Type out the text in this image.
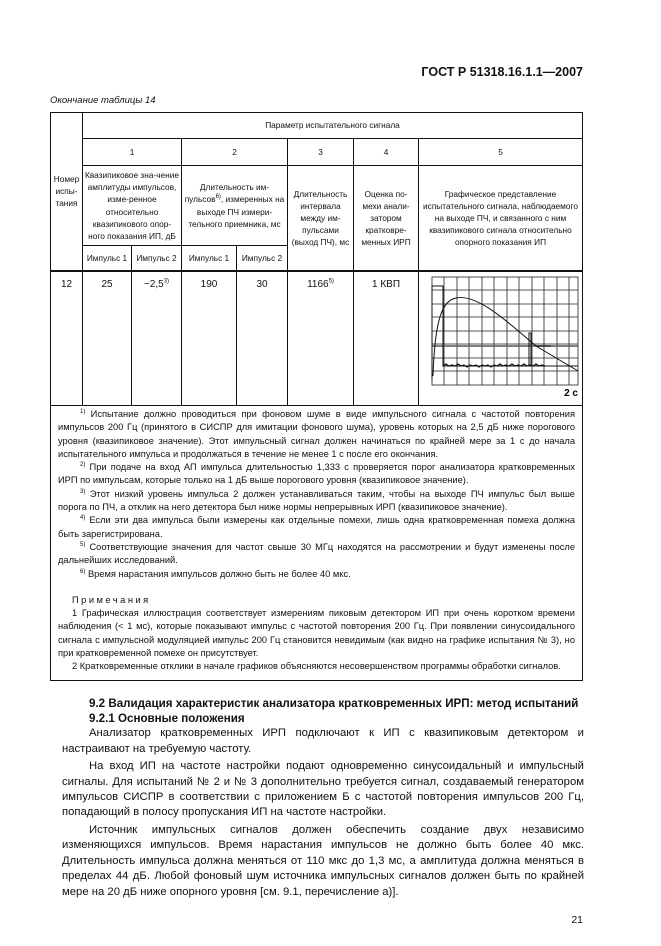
ГОСТ Р 51318.16.1.1—2007
Окончание таблицы 14
Номер испы-тания	Параметр испытательного сигнала						
	1		2		3	4	5
	Квазипиковое зна-чение амплитуды импульсов, изме-ренное относительно квазипикового опор-ного показания ИП, дБ		Длительность им-пульсов$^{6)}$, измеренных на выходе ПЧ измери-тельного приемника, мс		Длительность интервала между им-пульсами (выход ПЧ), мс	Оценка по-мехи анали-затором кратковре-менных ИРП	Графическое представление испытательного сигнала, наблюдаемого на выходе ПЧ, и связанного с ним квазипикового сигнала относительно опорного показания ИП
	Импульс 1	Импульс 2	Импульс 1	Импульс 2			
12	25	$-2,5^{3)}$	190	30	1166$^{5)}$	1 КВП	2 с

$^{1)}$ Испытание должно проводиться при фоновом шуме в виде импульсного сигнала с частотой повторения импульсов 200 Гц (принятого в СИСПР для имитации фонового шума), уровень которых на 2,5 дБ ниже порогового уровня (квазипиковое значение). Этот импульсный сигнал должен начинаться по крайней мере за 1 с до начала испытательного импульса и продолжаться в течение не менее 1 с после его окончания.

$^{2)}$ При подаче на вход АП импульса длительностью 1,333 с проверяется порог анализатора кратковременных ИРП по импульсам, которые только на 1 дБ выше порогового уровня (квазипиковое значение).

$^{3)}$ Этот низкий уровень импульса 2 должен устанавливаться таким, чтобы на выходе ПЧ импульс был выше порога по ПЧ, а отклик на него детектора был ниже нормы непрерывных ИРП (квазипиковое значение).

$^{4)}$ Если эти два импульса были измерены как отдельные помехи, лишь одна кратковременная помеха должна быть зарегистрирована.

$^{5)}$ Соответствующие значения для частот свыше 30 МГц находятся на рассмотрении и будут изменены после дальнейших исследований.

$^{6)}$ Время нарастания импульсов должно быть не более 40 мкс.

Примечания

1 Графическая иллюстрация соответствует измерениям пиковым детектором ИП при очень коротком времени наблюдения (< 1 мс), которые показывают импульс с частотой повторения 200 Гц. При появлении синусоидального сигнала с импульсной модуляцией импульс 200 Гц становится невидимым (как видно на графике испытания № 3), но при кратковременной помехе он присутствует.

2 Кратковременные отклики в начале графиков объясняются несовершенством программы обработки сигналов.

9.2 Валидация характеристик анализатора кратковременных ИРП: метод испытаний
9.2.1 Основные положения

Анализатор кратковременных ИРП подключают к ИП с квазипиковым детектором и настраивают на требуемую частоту.

На вход ИП на частоте настройки подают одновременно синусоидальный и импульсный сигналы. Для испытаний № 2 и № 3 дополнительно требуется сигнал, создаваемый генератором импульсов СИСПР в соответствии с приложением Б с частотой повторения импульсов 200 Гц, попадающий в полосу пропускания ИП на частоте настройки.

Источник импульсных сигналов должен обеспечить создание двух независимо изменяющихся импульсов. Время нарастания импульсов не должно быть более 40 мкс. Длительность импульса должна меняться от 110 мкс до 1,3 мс, а амплитуда должна меняться в пределах 44 дБ. Любой фоновый шум источника импульсных сигналов должен быть по крайней мере на 20 дБ ниже опорного уровня [см. 9.1, перечисление а)].

21
